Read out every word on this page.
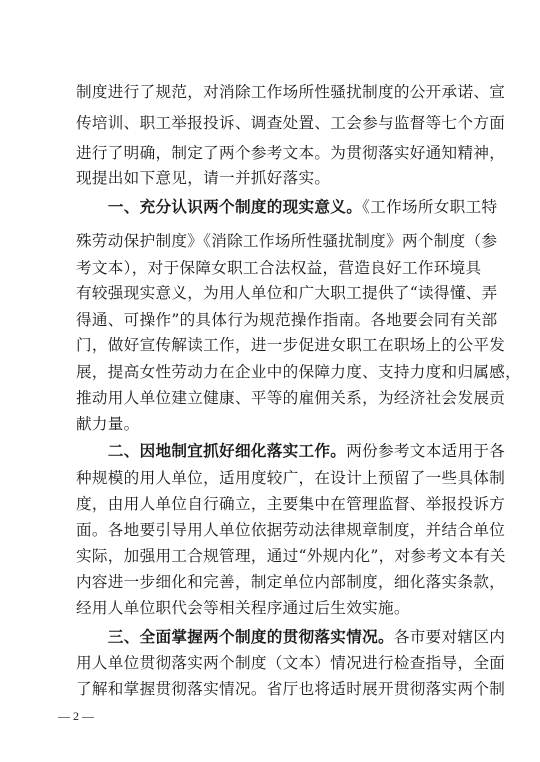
制度进行了规范，对消除工作场所性骚扰制度的公开承诺、宣
传培训、职工举报投诉、调查处置、工会参与监督等七个方面
进行了明确，制定了两个参考文本。为贯彻落实好通知精神，
现提出如下意见，请一并抓好落实。
　　一、充分认识两个制度的现实意义。《工作场所女职工特
殊劳动保护制度》《消除工作场所性骚扰制度》两个制度（参
考文本），对于保障女职工合法权益，营造良好工作环境具
有较强现实意义，为用人单位和广大职工提供了“读得懂、弄
得通、可操作”的具体行为规范操作指南。各地要会同有关部
门，做好宣传解读工作，进一步促进女职工在职场上的公平发
展，提高女性劳动力在企业中的保障力度、支持力度和归属感，
推动用人单位建立健康、平等的雇佣关系，为经济社会发展贡
献力量。
　　二、因地制宜抓好细化落实工作。两份参考文本适用于各
种规模的用人单位，适用度较广，在设计上预留了一些具体制
度，由用人单位自行确立，主要集中在管理监督、举报投诉方
面。各地要引导用人单位依据劳动法律规章制度，并结合单位
实际，加强用工合规管理，通过“外规内化”，对参考文本有关
内容进一步细化和完善，制定单位内部制度，细化落实条款，
经用人单位职代会等相关程序通过后生效实施。
　　三、全面掌握两个制度的贯彻落实情况。各市要对辖区内
用人单位贯彻落实两个制度（文本）情况进行检查指导，全面
了解和掌握贯彻落实情况。省厅也将适时展开贯彻落实两个制
— 2 —
